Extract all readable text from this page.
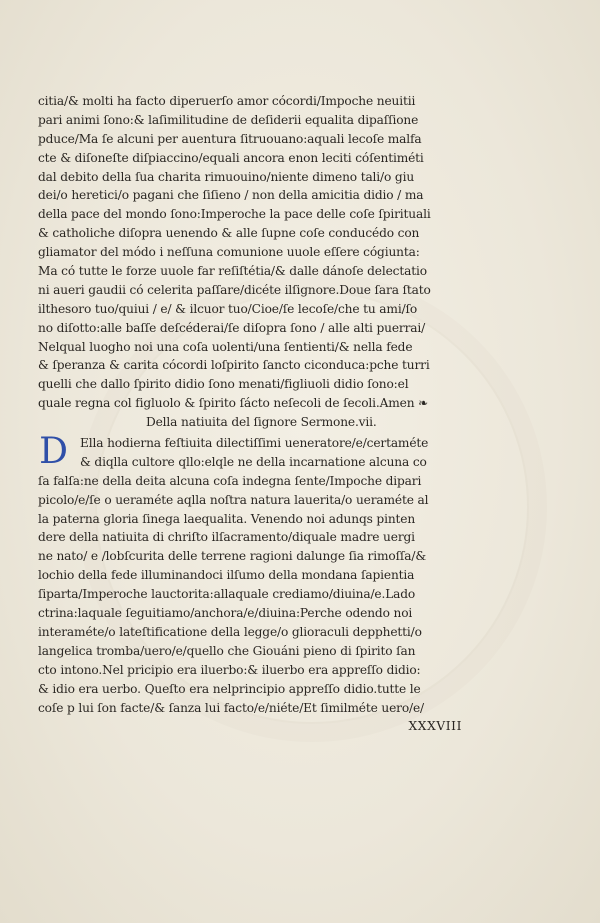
citia/& molti ha facto diperuerſo amor cócordi/Impoche neuitii
pari animi ſono:& laſimilitudine de deſiderii equalita dipaſſione
pduce/Ma ſe alcuni per auentura ſitruouano:aquali lecoſe malfa
cte & diſoneſte diſpiaccino/equali ancora enon leciti cóſentiméti
dal debito della ſua charita rimuouino/niente dimeno tali/o giu
dei/o heretici/o pagani che ſiſieno / non della amicitia didio / ma
della pace del mondo ſono:Imperoche la pace delle coſe ſpirituali
& catholiche diſopra uenendo & alle ſupne coſe conducédo con
gliamator del módo i neſſuna comunione uuole eſſere cógiunta:
Ma có tutte le forze uuole far reſiſtétia/& dalle dánoſe delectatio
ni aueri gaudii có celerita paſſare/dicéte ilſignore.Doue ſara ſtato
ilthesoro tuo/quiui / e/ & ilcuor tuo/Cioe/ſe lecoſe/che tu ami/ſo
no diſotto:alle baſſe deſcéderai/ſe diſopra ſono / alle alti puerrai/
Nelqual luogho noi una coſa uolenti/una ſentienti/& nella fede
& ſperanza & carita cócordi loſpirito ſancto ciconduca:pche turri
quelli che dallo ſpirito didio ſono menati/figliuoli didio ſono:el
quale regna col figluolo & ſpirito ſácto neſecoli de ſecoli.Amen ❧
Della natiuita del ſignore Sermone.vii.
D Ella hodierna feſtiuita dilectiſſimi ueneratore/e/certaméte
& diqlla cultore qllo:elqle ne della incarnatione alcuna co
ſa falſa:ne della deita alcuna coſa indegna ſente/Impoche dipari
picolo/e/ſe o ueraméte aqlla noſtra natura lauerita/o ueraméte al
la paterna gloria ſinega laequalita. Venendo noi adunqs pinten
dere della natiuita di chriſto ilſacramento/diquale madre uergi
ne nato/ e /lobſcurita delle terrene ragioni dalunge ſia rimoſſa/&
lochio della fede illuminandoci ilſumo della mondana ſapientia
ſiparta/Imperoche lauctorita:allaquale crediamo/diuina/e.Lado
ctrina:laquale ſeguitiamo/anchora/e/diuina:Perche odendo noi
interaméte/o lateſtificatione della legge/o glioraculi depphetti/o
langelica tromba/uero/e/quello che Giouáni pieno di ſpirito ſan
cto intono.Nel pricipio era iluerbo:& iluerbo era appreſſo didio:
& idio era uerbo. Queſto era nelprincipio appreſſo didio.tutte le
coſe p lui ſon facte/& ſanza lui facto/e/niéte/Et ſimilméte uero/e/
XXXVIII
